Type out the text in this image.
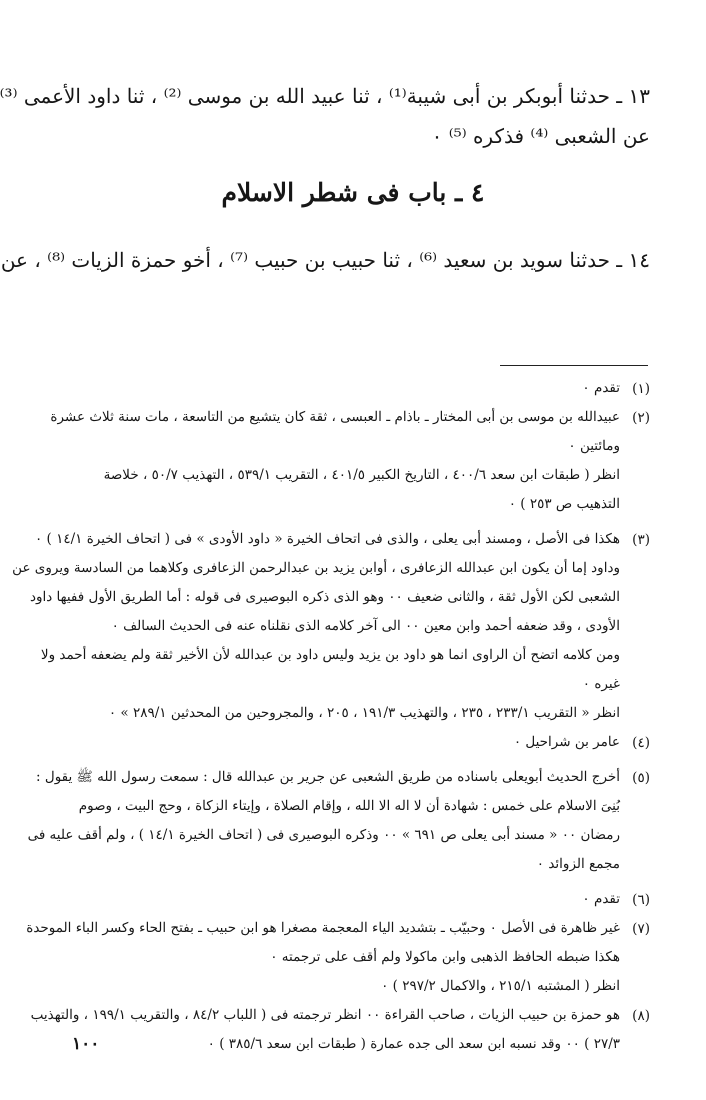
١٣ ـ حدثنا أبوبكر بن أبى شيبة⁽¹⁾ ، ثنا عبيد الله بن موسى ⁽²⁾ ، ثنا داود الأعمى ⁽³⁾
عن الشعبى ⁽⁴⁾ فذكره ⁽⁵⁾ ٠
٤ ـ باب فى شطر الاسلام
١٤ ـ حدثنا سويد بن سعيد ⁽⁶⁾ ، ثنا حبيب بن حبيب ⁽⁷⁾ ، أخو حمزة الزيات ⁽⁸⁾ ، عن
(١)
تقدم ٠
(٢)
عبيدالله بن موسى بن أبى المختار ـ باذام ـ العبسى ، ثقة كان يتشيع من التاسعة ، مات سنة ثلاث عشرة
ومائتين ٠
انظر ( طبقات ابن سعد ٤٠٠/٦ ، التاريخ الكبير ٤٠١/٥ ، التقريب ٥٣٩/١ ، التهذيب ٥٠/٧ ، خلاصة
التذهيب ص ٢٥٣ ) ٠
(٣)
هكذا فى الأصل ، ومسند أبى يعلى ، والذى فى اتحاف الخيرة « داود الأودى » فى ( اتحاف الخيرة ١٤/١ ) ٠
وداود إما أن يكون ابن عبدالله الزعافرى ، أوابن يزيد بن عبدالرحمن الزعافرى وكلاهما من السادسة ويروى عن
الشعبى لكن الأول ثقة ، والثانى ضعيف ٠٠ وهو الذى ذكره البوصيرى فى قوله : أما الطريق الأول ففيها داود
الأودى ، وقد ضعفه أحمد وابن معين ٠٠ الى آخر كلامه الذى نقلناه عنه فى الحديث السالف ٠
ومن كلامه اتضح أن الراوى انما هو داود بن يزيد وليس داود بن عبدالله لأن الأخير ثقة ولم يضعفه أحمد ولا
غيره ٠
انظر « التقريب ٢٣٣/١ ، ٢٣٥ ، والتهذيب ١٩١/٣ ، ٢٠٥ ، والمجروحين من المحدثين ٢٨٩/١ » ٠
(٤)
عامر بن شراحيل ٠
(٥)
أخرج الحديث أبويعلى باسناده من طريق الشعبى عن جرير بن عبدالله قال : سمعت رسول الله ﷺ يقول :
بُنِىَ الاسلام على خمس : شهادة أن لا اله الا الله ، وإقام الصلاة ، وإيتاء الزكاة ، وحج البيت ، وصوم
رمضان ٠٠ « مسند أبى يعلى ص ٦٩١ » ٠٠ وذكره البوصيرى فى ( اتحاف الخيرة ١٤/١ ) ، ولم أقف عليه فى
مجمع الزوائد ٠
(٦)
تقدم ٠
(٧)
غير ظاهرة فى الأصل ٠ وحبيّب ـ بتشديد الياء المعجمة مصغرا هو ابن حبيب ـ بفتح الحاء وكسر الباء الموحدة
هكذا ضبطه الحافظ الذهبى وابن ماكولا ولم أقف على ترجمته ٠
انظر ( المشتبه ٢١٥/١ ، والاكمال ٢٩٧/٢ ) ٠
(٨)
هو حمزة بن حبيب الزيات ، صاحب القراءة ٠٠ انظر ترجمته فى ( اللباب ٨٤/٢ ، والتقريب ١٩٩/١ ، والتهذيب
٢٧/٣ ) ٠٠ وقد نسبه ابن سعد الى جده عمارة ( طبقات ابن سعد ٣٨٥/٦ ) ٠
١٠٠
